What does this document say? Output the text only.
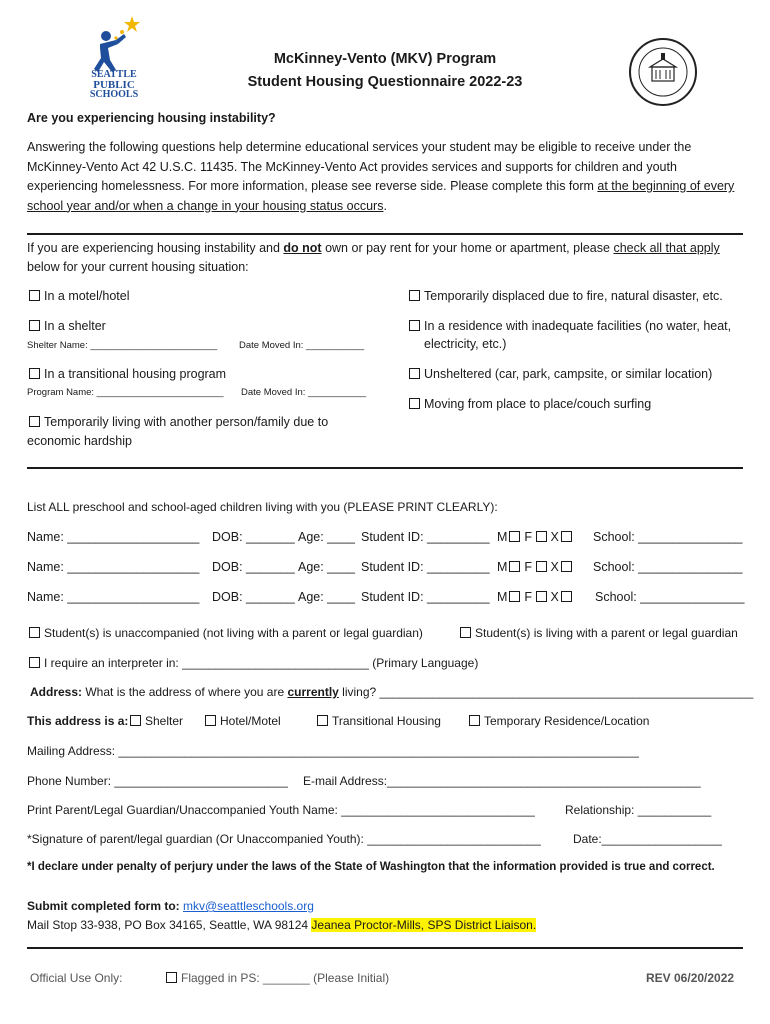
SEATTLE
PUBLIC
SCHOOLS
McKinney-Vento (MKV) Program
Student Housing Questionnaire 2022-23
Are you experiencing housing instability?
Answering the following questions help determine educational services your student may be eligible to receive under the McKinney-Vento Act 42 U.S.C. 11435. The McKinney-Vento Act provides services and supports for children and youth experiencing homelessness. For more information, please see reverse side. Please complete this form at the beginning of every school year and/or when a change in your housing status occurs.
If you are experiencing housing instability and do not own or pay rent for your home or apartment, please check all that apply
below for your current housing situation:
In a motel/hotel	Temporarily displaced due to fire, natural disaster, etc.
In a shelter
Shelter Name: ________________________ Date Moved In: ___________
In a residence with inadequate facilities (no water, heat,
electricity, etc.)
In a transitional housing program
Program Name: ________________________ Date Moved In: ___________
Unsheltered (car, park, campsite, or similar location)
Moving from place to place/couch surfing
Temporarily living with another person/family due to
economic hardship
List ALL preschool and school-aged children living with you (PLEASE PRINT CLEARLY):
Name: ___________________ DOB: _______ Age: ____ Student ID: _________ M F X	School: _______________
Name: ___________________ DOB: _______ Age: ____ Student ID: _________ M F X	School: _______________
Name: ___________________ DOB: _______ Age: ____ Student ID: _________ M F X	School: _______________
Student(s) is unaccompanied (not living with a parent or legal guardian)	Student(s) is living with a parent or legal guardian
I require an interpreter in: ____________________________ (Primary Language)
Address: What is the address of where you are currently living? ________________________________________________________
This address is a:	Shelter	Hotel/Motel	Transitional Housing	Temporary Residence/Location
Mailing Address: ______________________________________________________________________________
Phone Number: __________________________ E-mail Address:_______________________________________________
Print Parent/Legal Guardian/Unaccompanied Youth Name: _____________________________	Relationship: ___________
*Signature of parent/legal guardian (Or Unaccompanied Youth): __________________________	Date:__________________
*I declare under penalty of perjury under the laws of the State of Washington that the information provided is true and correct.
Submit completed form to: mkv@seattleschools.org
Mail Stop 33-938, PO Box 34165, Seattle, WA 98124 Jeanea Proctor-Mills, SPS District Liaison.
Official Use Only:	Flagged in PS: _______ (Please Initial)	REV 06/20/2022
